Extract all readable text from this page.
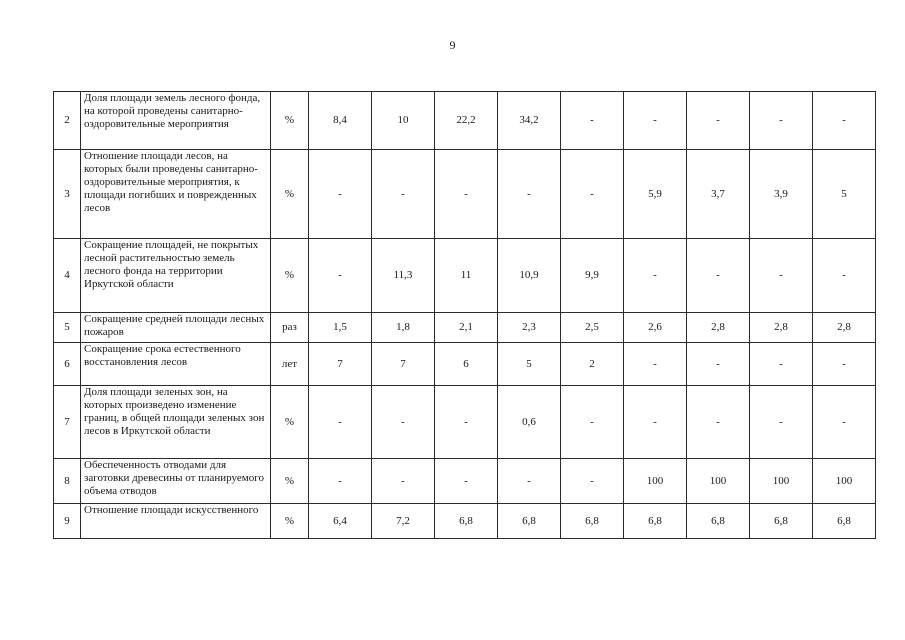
9
2	Доля площади земель лесного фонда, на которой проведены санитарно-оздоровительные мероприятия	%	8,4	10	22,2	34,2	-	-	-	-	-
3	Отношение площади лесов, на которых были проведены санитарно-оздоровительные мероприятия, к площади погибших и поврежденных лесов	%	-	-	-	-	-	5,9	3,7	3,9	5
4	Сокращение площадей, не покрытых лесной растительностью земель лесного фонда на территории Иркутской области	%	-	11,3	11	10,9	9,9	-	-	-	-
5	Сокращение средней площади лесных пожаров	раз	1,5	1,8	2,1	2,3	2,5	2,6	2,8	2,8	2,8
6	Сокращение срока естественного восстановления лесов	лет	7	7	6	5	2	-	-	-	-
7	Доля площади зеленых зон, на которых произведено изменение границ, в общей площади зеленых зон лесов в Иркутской области	%	-	-	-	0,6	-	-	-	-	-
8	Обеспеченность отводами для заготовки древесины от планируемого объема отводов	%	-	-	-	-	-	100	100	100	100
9	Отношение площади искусственного	%	6,4	7,2	6,8	6,8	6,8	6,8	6,8	6,8	6,8
